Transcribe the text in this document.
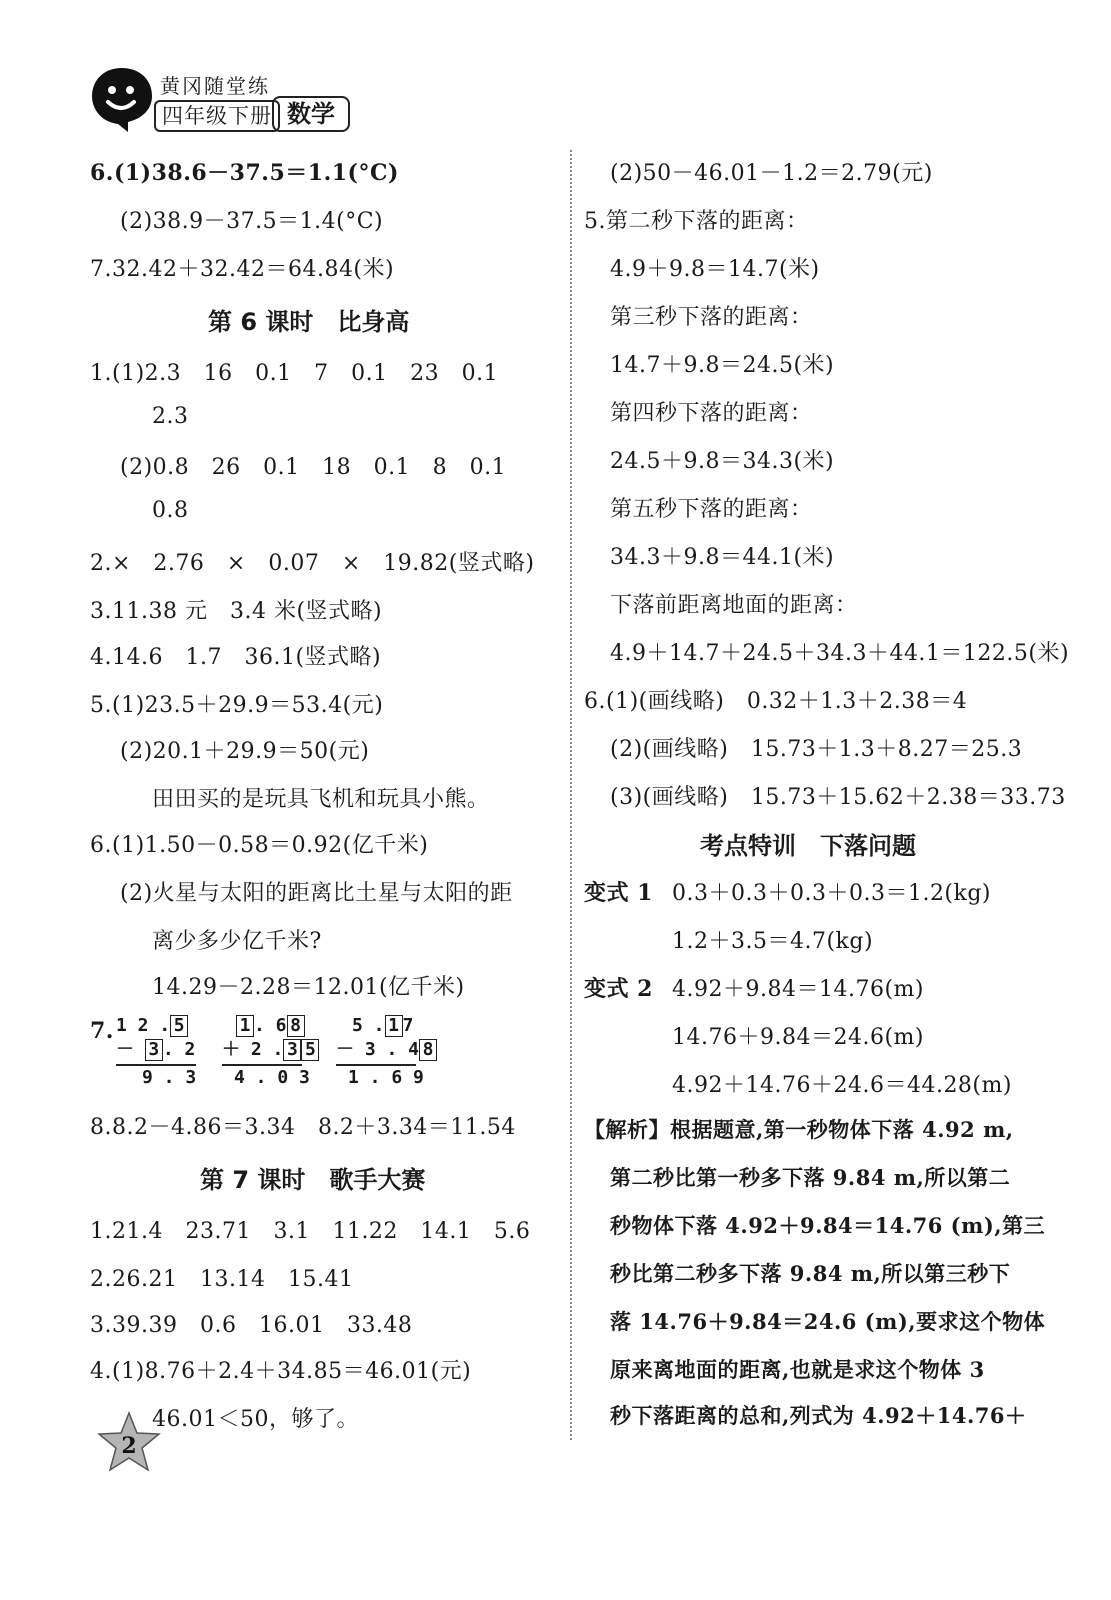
黄冈随堂练
四年级下册 数学
6.(1)38.6－37.5＝1.1(°C)
(2)38.9－37.5＝1.4(°C)
7.32.42＋32.42＝64.84(米)
第 6 课时　比身高
1.(1)2.3　16　0.1　7　0.1　23　0.1
2.3
(2)0.8　26　0.1　18　0.1　8　0.1
0.8
2.×　2.76　×　0.07　×　19.82(竖式略)
3.11.38 元　3.4 米(竖式略)
4.14.6　1.7　36.1(竖式略)
5.(1)23.5＋29.9＝53.4(元)
(2)20.1＋29.9＝50(元)
田田买的是玩具飞机和玩具小熊。
6.(1)1.50－0.58＝0.92(亿千米)
(2)火星与太阳的距离比土星与太阳的距
离少多少亿千米?
14.29－2.28＝12.01(亿千米)
7. 1 2 . 5
－ 3 . 2
9 . 3
1 . 6 8
＋ 2 . 3 5
4 . 0 3
5 . 1 7
－ 3 . 4 8
1 . 6 9
8.8.2－4.86＝3.34　8.2＋3.34＝11.54
第 7 课时　歌手大赛
1.21.4　23.71　3.1　11.22　14.1　5.6
2.26.21　13.14　15.41
3.39.39　0.6　16.01　33.48
4.(1)8.76＋2.4＋34.85＝46.01(元)
46.01＜50，够了。
(2)50－46.01－1.2＝2.79(元)
5.第二秒下落的距离：
4.9＋9.8＝14.7(米)
第三秒下落的距离：
14.7＋9.8＝24.5(米)
第四秒下落的距离：
24.5＋9.8＝34.3(米)
第五秒下落的距离：
34.3＋9.8＝44.1(米)
下落前距离地面的距离：
4.9＋14.7＋24.5＋34.3＋44.1＝122.5(米)
6.(1)(画线略)　0.32＋1.3＋2.38＝4
(2)(画线略)　15.73＋1.3＋8.27＝25.3
(3)(画线略)　15.73＋15.62＋2.38＝33.73
考点特训　下落问题
变式 1 0.3＋0.3＋0.3＋0.3＝1.2(kg)
1.2＋3.5＝4.7(kg)
变式 2 4.92＋9.84＝14.76(m)
14.76＋9.84＝24.6(m)
4.92＋14.76＋24.6＝44.28(m)
【解析】根据题意,第一秒物体下落 4.92 m,
第二秒比第一秒多下落 9.84 m,所以第二
秒物体下落 4.92＋9.84＝14.76 (m),第三
秒比第二秒多下落 9.84 m,所以第三秒下
落 14.76＋9.84＝24.6 (m),要求这个物体
原来离地面的距离,也就是求这个物体 3
秒下落距离的总和,列式为 4.92＋14.76＋
2
